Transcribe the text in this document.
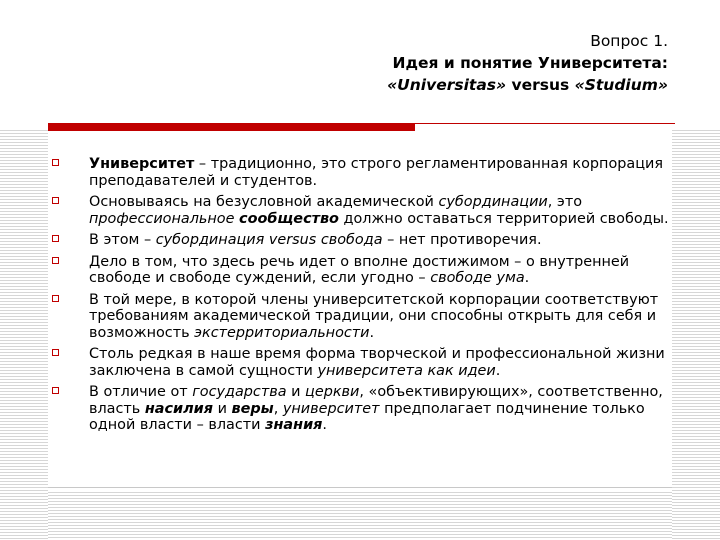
Вопрос 1.
Идея и понятие Университета:
«Universitas» versus «Studium»
Университет – традиционно, это строго регламентированная корпорация преподавателей и студентов.
Основываясь на безусловной академической субординации, это профессиональное сообщество должно оставаться территорией свободы.
В этом – субординация versus свобода – нет противоречия.
Дело в том, что здесь речь идет о вполне достижимом – о внутренней свободе и свободе суждений, если угодно – свободе ума.
В той мере, в которой члены университетской корпорации соответствуют требованиям академической традиции, они способны открыть для себя и возможность экстерриториальности.
Столь редкая в наше время форма творческой и профессиональной жизни заключена в самой сущности университета как идеи.
В отличие от государства и церкви, «объективирующих», соответственно, власть насилия и веры, университет предполагает подчинение только одной власти – власти знания.
